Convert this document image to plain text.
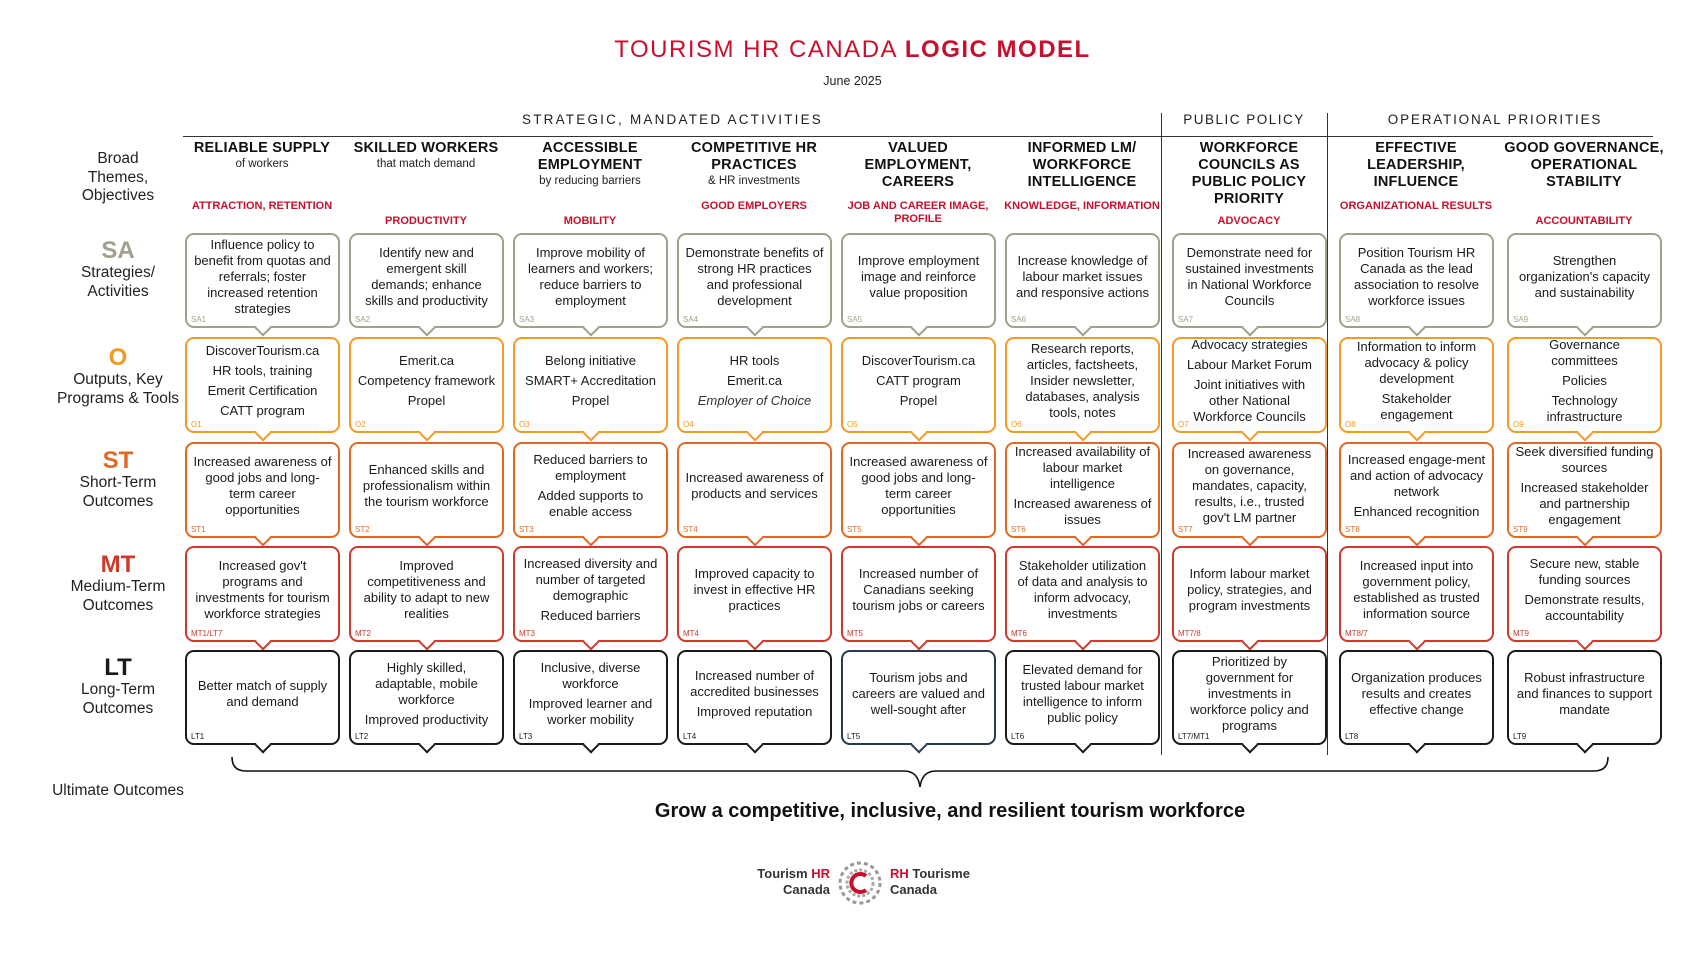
TOURISM HR CANADA LOGIC MODEL
June 2025
STRATEGIC, MANDATED ACTIVITIES	PUBLIC POLICY	OPERATIONAL PRIORITIES
Broad Themes, Objectives
SA
Strategies/ Activities
O
Outputs, Key Programs & Tools
ST
Short-Term Outcomes
MT
Medium-Term Outcomes
LT
Long-Term Outcomes
RELIABLE SUPPLY
of workers
ATTRACTION, RETENTION
Influence policy to benefit from quotas and referrals; foster increased retention strategies
SA1
DiscoverTourism.ca
HR tools, training
Emerit Certification
CATT program
O1
Increased awareness of good jobs and long-term career opportunities
ST1
Increased gov't programs and investments for tourism workforce strategies
MT1/LT7
Better match of supply and demand
LT1
SKILLED WORKERS
that match demand
PRODUCTIVITY
Identify new and emergent skill demands; enhance skills and productivity
SA2
Emerit.ca
Competency framework
Propel
O2
Enhanced skills and professionalism within the tourism workforce
ST2
Improved competitiveness and ability to adapt to new realities
MT2
Highly skilled, adaptable, mobile workforce
Improved productivity
LT2
ACCESSIBLE EMPLOYMENT
by reducing barriers
MOBILITY
Improve mobility of learners and workers; reduce barriers to employment
SA3
Belong initiative
SMART+ Accreditation
Propel
O3
Reduced barriers to employment
Added supports to enable access
ST3
Increased diversity and number of targeted demographic
Reduced barriers
MT3
Inclusive, diverse workforce
Improved learner and worker mobility
LT3
COMPETITIVE HR PRACTICES
& HR investments
GOOD EMPLOYERS
Demonstrate benefits of strong HR practices and professional development
SA4
HR tools
Emerit.ca
Employer of Choice
O4
Increased awareness of products and services
ST4
Improved capacity to invest in effective HR practices
MT4
Increased number of accredited businesses
Improved reputation
LT4
VALUED EMPLOYMENT, CAREERS
JOB AND CAREER IMAGE, PROFILE
Improve employment image and reinforce value proposition
SA5
DiscoverTourism.ca
CATT program
Propel
O5
Increased awareness of good jobs and long-term career opportunities
ST5
Increased number of Canadians seeking tourism jobs or careers
MT5
Tourism jobs and careers are valued and well-sought after
LT5
INFORMED LM/ WORKFORCE INTELLIGENCE
KNOWLEDGE, INFORMATION
Increase knowledge of labour market issues and responsive actions
SA6
Research reports, articles, factsheets, Insider newsletter, databases, analysis tools, notes
O6
Increased availability of labour market intelligence
Increased awareness of issues
ST6
Stakeholder utilization of data and analysis to inform advocacy, investments
MT6
Elevated demand for trusted labour market intelligence to inform public policy
LT6
WORKFORCE COUNCILS AS PUBLIC POLICY PRIORITY
ADVOCACY
Demonstrate need for sustained investments in National Workforce Councils
SA7
Advocacy strategies
Labour Market Forum
Joint initiatives with other National Workforce Councils
O7
Increased awareness on governance, mandates, capacity, results, i.e., trusted gov't LM partner
ST7
Inform labour market policy, strategies, and program investments
MT7/8
Prioritized by government for investments in workforce policy and programs
LT7/MT1
EFFECTIVE LEADERSHIP, INFLUENCE
ORGANIZATIONAL RESULTS
Position Tourism HR Canada as the lead association to resolve workforce issues
SA8
Information to inform advocacy & policy development
Stakeholder engagement
O8
Increased engage-ment and action of advocacy network
Enhanced recognition
ST8
Increased input into government policy, established as trusted information source
MT8/7
Organization produces results and creates effective change
LT8
GOOD GOVERNANCE, OPERATIONAL STABILITY
ACCOUNTABILITY
Strengthen organization's capacity and sustainability
SA9
Governance committees
Policies
Technology infrastructure
O9
Seek diversified funding sources
Increased stakeholder and partnership engagement
ST9
Secure new, stable funding sources
Demonstrate results, accountability
MT9
Robust infrastructure and finances to support mandate
LT9
Ultimate Outcomes
Grow a competitive, inclusive, and resilient tourism workforce
Tourism HR
Canada
RH Tourisme
Canada
